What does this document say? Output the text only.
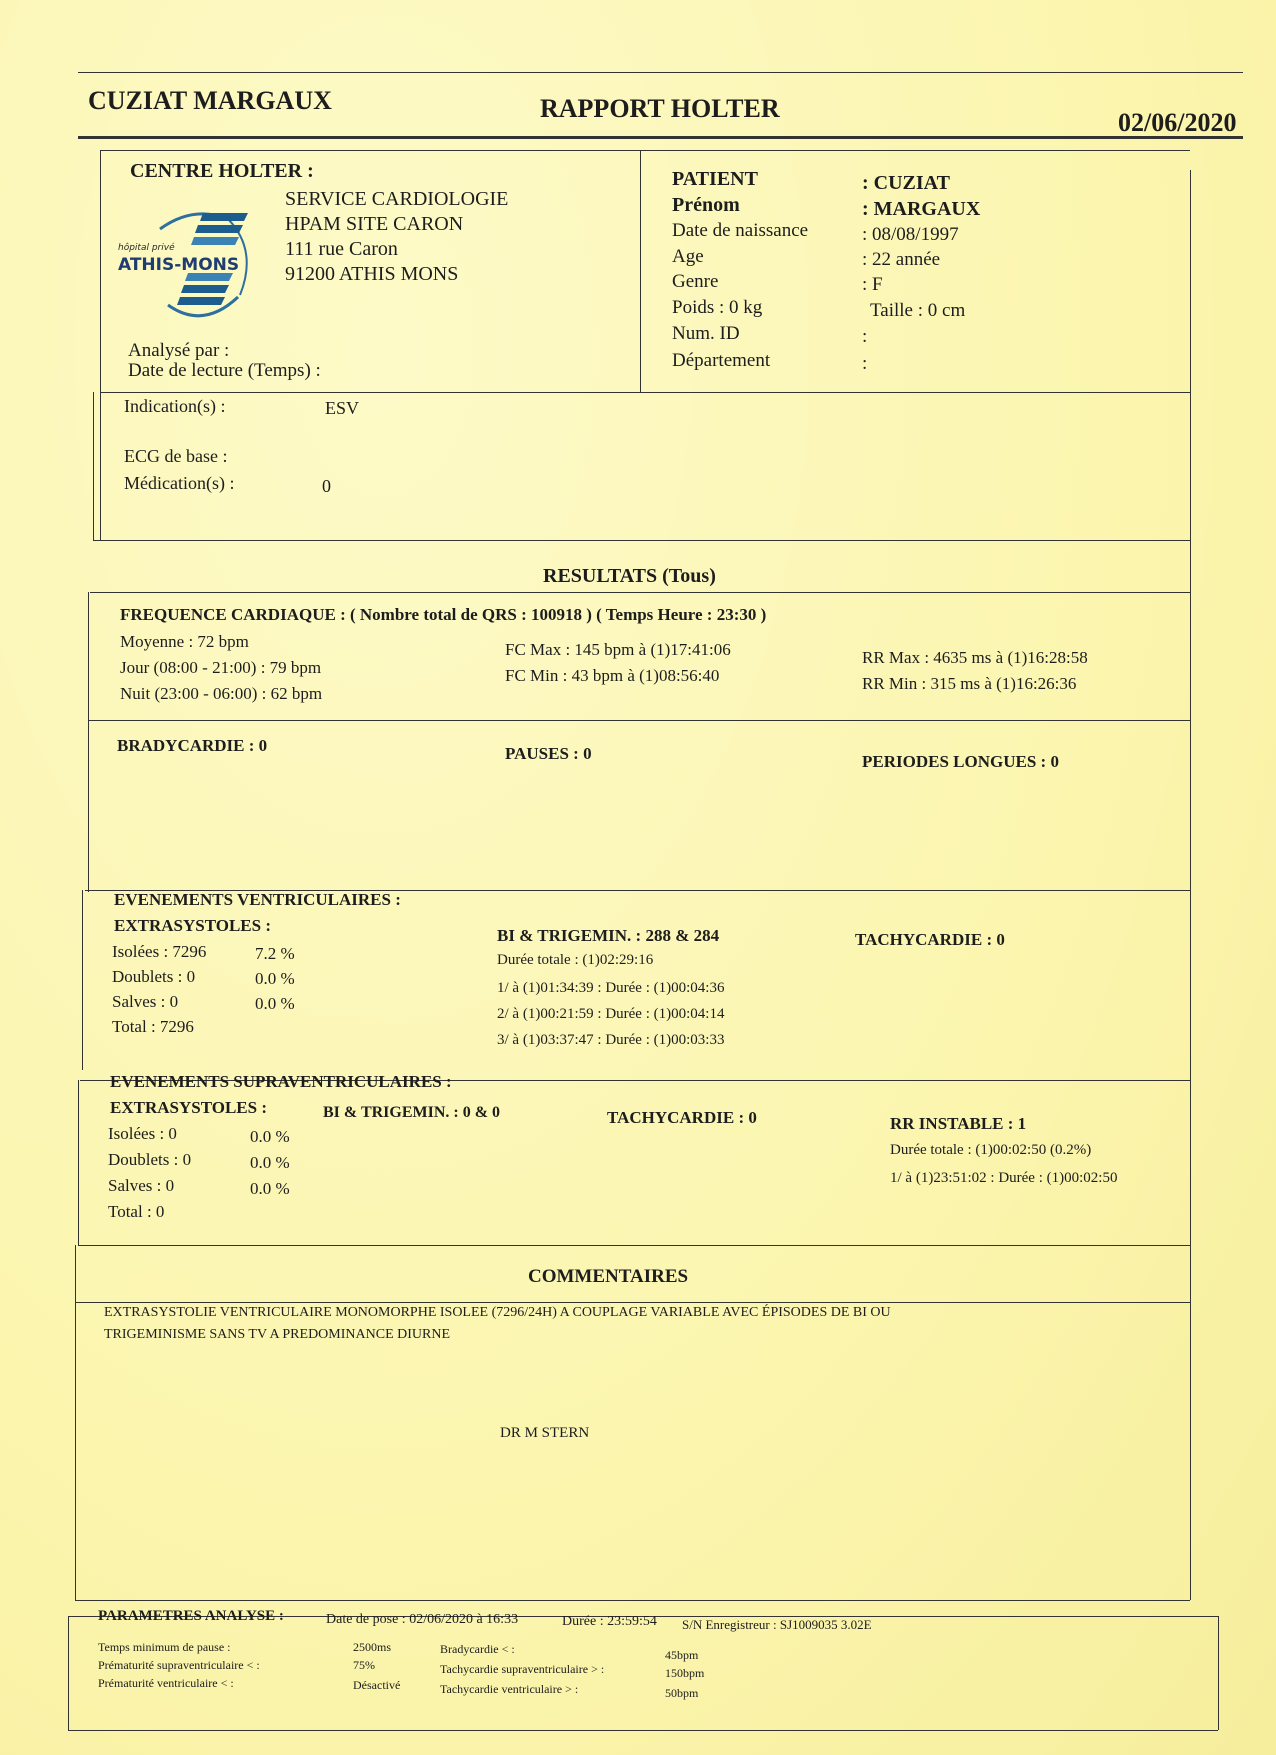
CUZIAT MARGAUX	RAPPORT HOLTER	02/06/2020
CENTRE HOLTER :
SERVICE CARDIOLOGIE
HPAM SITE CARON
111 rue Caron
91200 ATHIS MONS
hôpital privé
ATHIS-MONS
Analysé par :
Date de lecture (Temps) :
PATIENT	: CUZIAT
Prénom	: MARGAUX
Date de naissance	: 08/08/1997
Age	: 22 année
Genre	: F
Poids : 0 kg	Taille : 0 cm
Num. ID	:
Département	:
Indication(s) :	ESV
ECG de base :
Médication(s) :	0
RESULTATS (Tous)
FREQUENCE CARDIAQUE : ( Nombre total de QRS : 100918 ) ( Temps Heure : 23:30 )
Moyenne : 72 bpm
Jour (08:00 - 21:00) : 79 bpm
Nuit (23:00 - 06:00) : 62 bpm
FC Max : 145 bpm à (1)17:41:06
FC Min : 43 bpm à (1)08:56:40
RR Max : 4635 ms à (1)16:28:58
RR Min : 315 ms à (1)16:26:36
BRADYCARDIE : 0	PAUSES : 0	PERIODES LONGUES : 0
EVENEMENTS VENTRICULAIRES :
EXTRASYSTOLES :
Isolées : 7296	7.2 %
Doublets : 0	0.0 %
Salves : 0	0.0 %
Total : 7296
BI & TRIGEMIN. : 288 & 284
Durée totale : (1)02:29:16
1/ à (1)01:34:39 : Durée : (1)00:04:36
2/ à (1)00:21:59 : Durée : (1)00:04:14
3/ à (1)03:37:47 : Durée : (1)00:03:33
TACHYCARDIE : 0
EVENEMENTS SUPRAVENTRICULAIRES :
EXTRASYSTOLES :
Isolées : 0	0.0 %
Doublets : 0	0.0 %
Salves : 0	0.0 %
Total : 0
BI & TRIGEMIN. : 0 & 0	TACHYCARDIE : 0	RR INSTABLE : 1
Durée totale : (1)00:02:50 (0.2%)
1/ à (1)23:51:02 : Durée : (1)00:02:50
COMMENTAIRES
EXTRASYSTOLIE VENTRICULAIRE MONOMORPHE ISOLEE (7296/24H) A COUPLAGE VARIABLE AVEC ÉPISODES DE BI OU
TRIGEMINISME SANS TV A PREDOMINANCE DIURNE
DR M STERN
PARAMETRES ANALYSE :	Date de pose : 02/06/2020 à 16:33	Durée : 23:59:54 S/N Enregistreur : SJ1009035 3.02E
Temps minimum de pause :	2500ms	Bradycardie < :	45bpm
Prématurité supraventriculaire < :	75%	Tachycardie supraventriculaire > :	150bpm
Prématurité ventriculaire < :	Désactivé	Tachycardie ventriculaire > :	50bpm
